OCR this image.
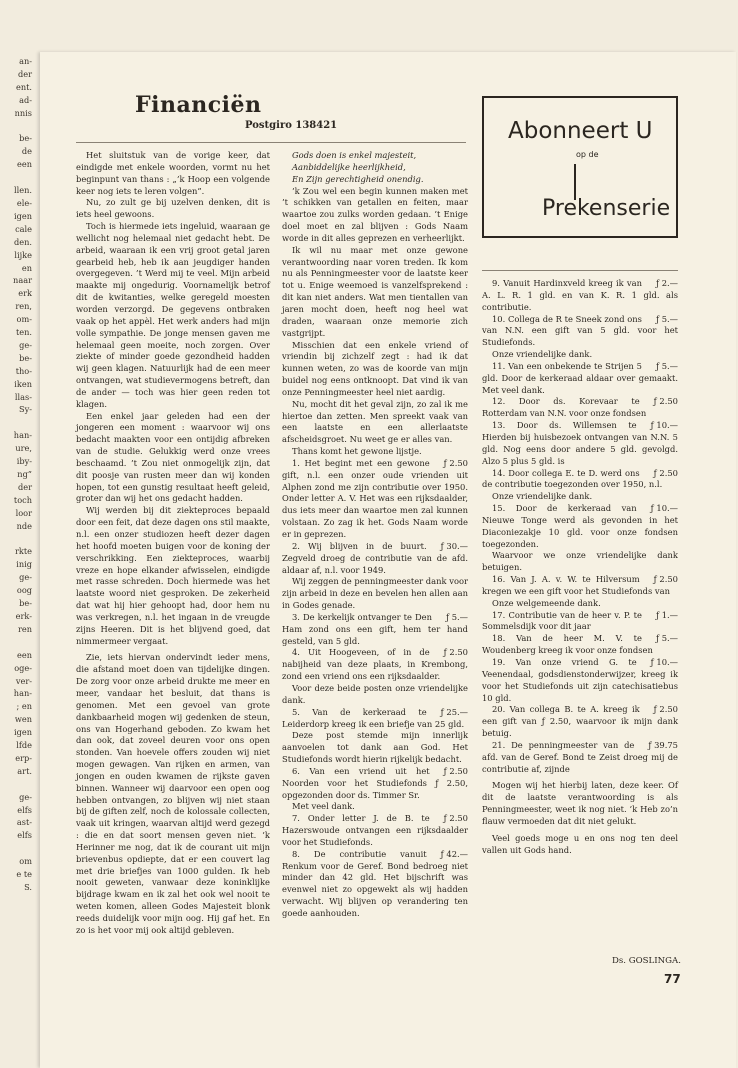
an-
der
ent.
ad-
nnis

be-
de
een

llen.
ele-
igen
cale
den.
lijke
en
naar
erk
ren,
om-
ten.
ge-
be-
tho-
iken
llas-
Sy-

han-
ure,
iby-
ng”
der
toch
loor
nde

rkte
inig
ge-
oog
be-
erk-
ren

een
oge-
ver-
han-
; en
wen
igen
lfde
erp-
art.

ge-
elfs
ast-
elfs

om
e te
S.
Financiën
Postgiro 138421

Het sluitstuk van de vorige keer, dat eindigde met enkele woorden, vormt nu het beginpunt van thans : „’k Hoop een volgende keer nog iets te leren volgen”.

Nu, zo zult ge bij uzelven denken, dit is iets heel gewoons.

Toch is hiermede iets ingeluid, waaraan ge wellicht nog helemaal niet gedacht hebt. De arbeid, waaraan ik een vrij groot getal jaren gearbeid heb, heb ik aan jeugdiger handen overgegeven. ’t Werd mij te veel. Mijn arbeid maakte mij ongedurig. Voornamelijk betrof dit de kwitanties, welke geregeld moesten worden verzorgd. De gegevens ontbraken vaak op het appèl. Het werk anders had mijn volle sympathie. De jonge mensen gaven me helemaal geen moeite, noch zorgen. Over ziekte of minder goede gezondheid hadden wij geen klagen. Natuurlijk had de een meer ontvangen, wat studievermogens betreft, dan de ander — toch was hier geen reden tot klagen.

Een enkel jaar geleden had een der jongeren een moment : waarvoor wij ons bedacht maakten voor een ontijdig afbreken van de studie. Gelukkig werd onze vrees beschaamd. ’t Zou niet onmogelijk zijn, dat dit poosje van rusten meer dan wij konden hopen, tot een gunstig resultaat heeft geleid, groter dan wij het ons gedacht hadden.

Wij werden bij dit ziekteproces bepaald door een feit, dat deze dagen ons stil maakte, n.l. een onzer studiozen heeft dezer dagen het hoofd moeten buigen voor de koning der verschrikking. Een ziekteproces, waarbij vreze en hope elkander afwisselen, eindigde met rasse schreden. Doch hiermede was het laatste woord niet gesproken. De zekerheid dat wat hij hier gehoopt had, door hem nu was verkregen, n.l. het ingaan in de vreugde zijns Heeren. Dit is het blijvend goed, dat nimmermeer vergaat.

Zie, iets hiervan ondervindt ieder mens, die afstand moet doen van tijdelijke dingen. De zorg voor onze arbeid drukte me meer en meer, vandaar het besluit, dat thans is genomen. Met een gevoel van grote dankbaarheid mogen wij gedenken de steun, ons van Hogerhand geboden. Zo kwam het dan ook, dat zoveel deuren voor ons open stonden. Van hoevele offers zouden wij niet mogen gewagen. Van rijken en armen, van jongen en ouden kwamen de rijkste gaven binnen. Wanneer wij daarvoor een open oog hebben ontvangen, zo blijven wij niet staan bij de giften zelf, noch de kolossale collecten, vaak uit kringen, waarvan altijd werd gezegd : die en dat soort mensen geven niet. ’k Herinner me nog, dat ik de courant uit mijn brievenbus opdiepte, dat er een couvert lag met drie briefjes van 1000 gulden. Ik heb nooit geweten, vanwaar deze koninklijke bijdrage kwam en ik zal het ook wel nooit te weten komen, alleen Godes Majesteit blonk reeds duidelijk voor mijn oog. Hij gaf het. En zo is het voor mij ook altijd gebleven.

Gods doen is enkel majesteit,

Aanbiddelijke heerlijkheid,

En Zijn gerechtigheid onendig.

’k Zou wel een begin kunnen maken met ’t schikken van getallen en feiten, maar waartoe zou zulks worden gedaan. ’t Enige doel moet en zal blijven : Gods Naam worde in dit alles geprezen en verheerlijkt.

Ik wil nu maar met onze gewone verantwoording naar voren treden. Ik kom nu als Penningmeester voor de laatste keer tot u. Enige weemoed is vanzelfsprekend : dit kan niet anders. Wat men tientallen van jaren mocht doen, heeft nog heel wat draden, waaraan onze memorie zich vastgrijpt.

Misschien dat een enkele vriend of vriendin bij zichzelf zegt : had ik dat kunnen weten, zo was de koorde van mijn buidel nog eens ontknoopt. Dat vind ik van onze Penningmeester heel niet aardig.

Nu, mocht dit het geval zijn, zo zal ik me hiertoe dan zetten. Men spreekt vaak van een laatste en een allerlaatste afscheidsgroet. Nu weet ge er alles van.

Thans komt het gewone lijstje.

ƒ 2.50
1. Het begint met een gewone gift, n.l. een onzer oude vrienden uit Alphen zond me zijn contributie over 1950. Onder letter A. V. Het was een rijksdaalder, dus iets meer dan waartoe men zal kunnen volstaan. Zo zag ik het. Gods Naam worde er in geprezen.

ƒ 30.—
2. Wij blijven in de buurt. Zegveld droeg de contributie van de afd. aldaar af, n.l. voor 1949.

Wij zeggen de penningmeester dank voor zijn arbeid in deze en bevelen hen allen aan in Godes genade.

ƒ 5.—
3. De kerkelijk ontvanger te Den Ham zond ons een gift, hem ter hand gesteld, van 5 gld.

ƒ 2.50
4. Uit Hoogeveen, of in de nabijheid van deze plaats, in Krembong, zond een vriend ons een rijksdaalder.

Voor deze beide posten onze vriendelijke dank.

ƒ 25.—
5. Van de kerkeraad te Leiderdorp kreeg ik een briefje van 25 gld.

Deze post stemde mijn innerlijk aanvoelen tot dank aan God. Het Studiefonds wordt hierin rijkelijk bedacht.

ƒ 2.50
6. Van een vriend uit het Noorden voor het Studiefonds ƒ 2.50, opgezonden door ds. Timmer Sr.

Met veel dank.

ƒ 2.50
7. Onder letter J. de B. te Hazerswoude ontvangen een rijksdaalder voor het Studiefonds.

ƒ 42.—
8. De contributie vanuit Renkum voor de Geref. Bond bedroeg niet minder dan 42 gld. Het bijschrift was evenwel niet zo opgewekt als wij hadden verwacht. Wij blijven op verandering ten goede aanhouden.

Abonneert U
op de
Prekenserie

ƒ 2.—
9. Vanuit Hardinxveld kreeg ik van A. L. R. 1 gld. en van K. R. 1 gld. als contributie.

ƒ 5.—
10. Collega de R te Sneek zond ons van N.N. een gift van 5 gld. voor het Studiefonds.

Onze vriendelijke dank.

ƒ 5.—
11. Van een onbekende te Strijen 5 gld. Door de kerkeraad aldaar over gemaakt. Met veel dank.

ƒ 2.50
12. Door ds. Korevaar te Rotterdam van N.N. voor onze fondsen

ƒ 10.—
13. Door ds. Willemsen te Hierden bij huisbezoek ontvangen van N.N. 5 gld. Nog eens door andere 5 gld. gevolgd. Alzo 5 plus 5 gld. is

ƒ 2.50
14. Door collega E. te D. werd ons de contributie toegezonden over 1950, n.l.

Onze vriendelijke dank.

ƒ 10.—
15. Door de kerkeraad van Nieuwe Tonge werd als gevonden in het Diaconiezakje 10 gld. voor onze fondsen toegezonden.

Waarvoor we onze vriendelijke dank betuigen.

ƒ 2.50
16. Van J. A. v. W. te Hilversum kregen we een gift voor het Studiefonds van

Onze welgemeende dank.

ƒ 1.—
17. Contributie van de heer v. P. te Sommelsdijk voor dit jaar

ƒ 5.—
18. Van de heer M. V. te Woudenberg kreeg ik voor onze fondsen

ƒ 10.—
19. Van onze vriend G. te Veenendaal, godsdienstonderwijzer, kreeg ik voor het Studiefonds uit zijn catechisatiebus 10 gld.

ƒ 2.50
20. Van collega B. te A. kreeg ik een gift van ƒ 2.50, waarvoor ik mijn dank betuig.

ƒ 39.75
21. De penningmeester van de afd. van de Geref. Bond te Zeist droeg mij de contributie af, zijnde

Mogen wij het hierbij laten, deze keer. Of dit de laatste verantwoording is als Penningmeester, weet ik nog niet. ’k Heb zo’n flauw vermoeden dat dit niet gelukt.

Veel goeds moge u en ons nog ten deel vallen uit Gods hand.

Ds. GOSLINGA.
77
